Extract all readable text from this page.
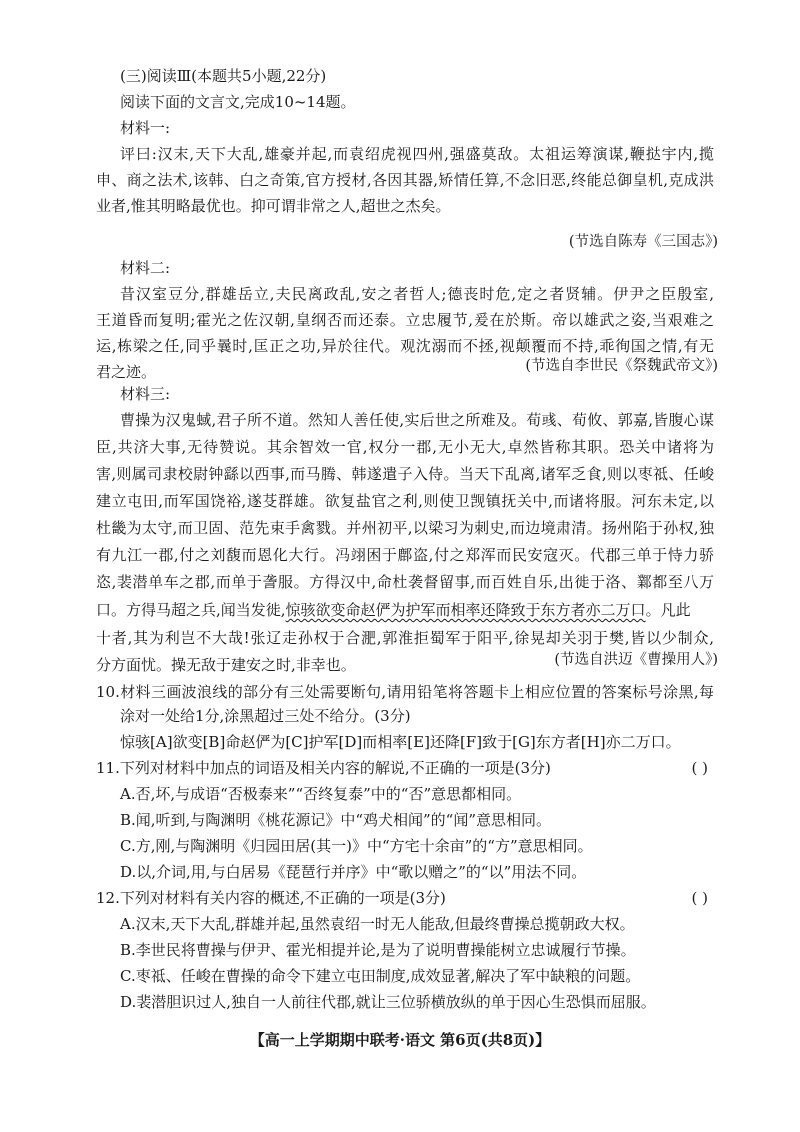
(三)阅读Ⅲ(本题共5小题,22分)
阅读下面的文言文,完成10~14题。
材料一:
评曰:汉末,天下大乱,雄豪并起,而袁绍虎视四州,强盛莫敌。太祖运筹演谋,鞭挞宇内,揽
申、商之法术,该韩、白之奇策,官方授材,各因其器,矫情任算,不念旧恶,终能总御皇机,克成洪
业者,惟其明略最优也。抑可谓非常之人,超世之杰矣。
(节选自陈寿《三国志》)
材料二:
昔汉室豆分,群雄岳立,夫民离政乱,安之者哲人;德丧时危,定之者贤辅。伊尹之臣殷室,
王道昏而复明;霍光之佐汉朝,皇纲否而还泰。立忠履节,爰在於斯。帝以雄武之姿,当艰难之
运,栋梁之任,同乎曩时,匡正之功,异於往代。观沈溺而不拯,视颠覆而不持,乖徇国之情,有无
君之迹。	(节选自李世民《祭魏武帝文》)
材料三:
曹操为汉鬼蜮,君子所不道。然知人善任使,实后世之所难及。荀彧、荀攸、郭嘉,皆腹心谋
臣,共济大事,无待赞说。其余智效一官,权分一郡,无小无大,卓然皆称其职。恐关中诸将为
害,则属司隶校尉钟繇以西事,而马腾、韩遂遣子入侍。当天下乱离,诸军乏食,则以枣祗、任峻
建立屯田,而军国饶裕,遂芟群雄。欲复盐官之利,则使卫觊镇抚关中,而诸将服。河东未定,以
杜畿为太守,而卫固、范先束手禽戮。并州初平,以梁习为刺史,而边境肃清。扬州陷于孙权,独
有九江一郡,付之刘馥而恩化大行。冯翊困于鄜盗,付之郑浑而民安寇灭。代郡三单于恃力骄
恣,裴潜单车之郡,而单于詟服。方得汉中,命杜袭督留事,而百姓自乐,出徙于洛、鄴都至八万
口。方得马超之兵,闻当发徙,惊骇欲变命赵俨为护军而相率还降致于东方者亦二万口。凡此
十者,其为利岂不大哉!张辽走孙权于合淝,郭淮拒蜀军于阳平,徐晃却关羽于樊,皆以少制众,
分方面忧。操无敌于建安之时,非幸也。	(节选自洪迈《曹操用人》)
10.材料三画波浪线的部分有三处需要断句,请用铅笔将答题卡上相应位置的答案标号涂黑,每
涂对一处给1分,涂黑超过三处不给分。(3分)
惊骇[A]欲变[B]命赵俨为[C]护军[D]而相率[E]还降[F]致于[G]东方者[H]亦二万口。
11.下列对材料中加点的词语及相关内容的解说,不正确的一项是(3分)	( )
A.否,坏,与成语“否极泰来”“否终复泰”中的“否”意思都相同。
B.闻,听到,与陶渊明《桃花源记》中“鸡犬相闻”的“闻”意思相同。
C.方,刚,与陶渊明《归园田居(其一)》中“方宅十余亩”的“方”意思相同。
D.以,介词,用,与白居易《琵琶行并序》中“歌以赠之”的“以”用法不同。
12.下列对材料有关内容的概述,不正确的一项是(3分)	( )
A.汉末,天下大乱,群雄并起,虽然袁绍一时无人能敌,但最终曹操总揽朝政大权。
B.李世民将曹操与伊尹、霍光相提并论,是为了说明曹操能树立忠诚履行节操。
C.枣祗、任峻在曹操的命令下建立屯田制度,成效显著,解决了军中缺粮的问题。
D.裴潜胆识过人,独自一人前往代郡,就让三位骄横放纵的单于因心生恐惧而屈服。
【高一上学期期中联考·语文 第6页(共8页)】
